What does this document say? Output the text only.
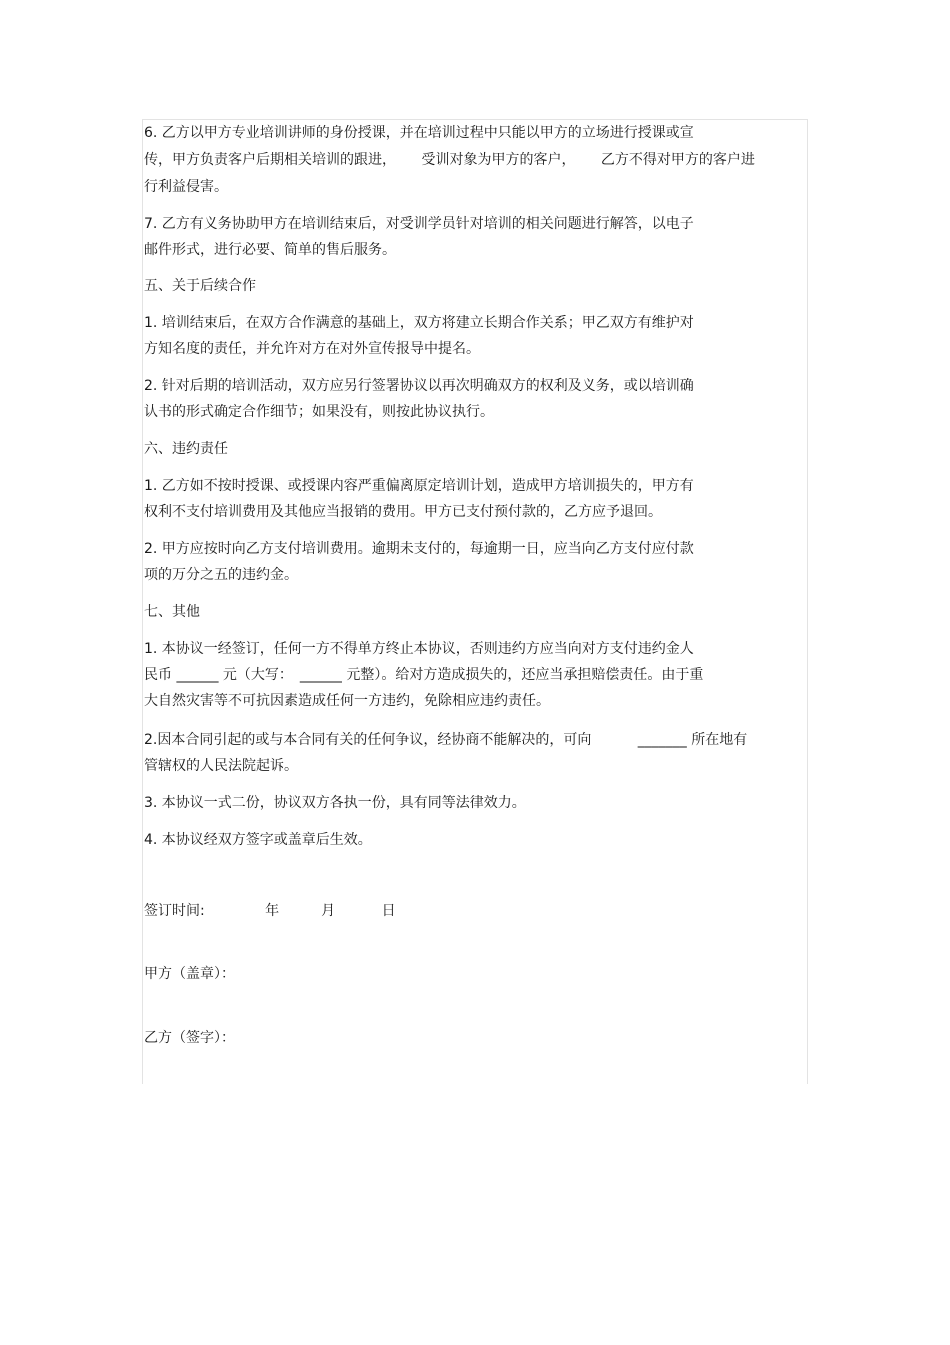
6. 乙方以甲方专业培训讲师的身份授课，并在培训过程中只能以甲方的立场进行授课或宣
传，甲方负责客户后期相关培训的跟进，　　 受训对象为甲方的客户，　　 乙方不得对甲方的客户进
行利益侵害。
7. 乙方有义务协助甲方在培训结束后，对受训学员针对培训的相关问题进行解答，以电子
邮件形式，进行必要、简单的售后服务。
五、关于后续合作
1. 培训结束后，在双方合作满意的基础上，双方将建立长期合作关系；甲乙双方有维护对
方知名度的责任，并允许对方在对外宣传报导中提名。
2. 针对后期的培训活动，双方应另行签署协议以再次明确双方的权利及义务，或以培训确
认书的形式确定合作细节；如果没有，则按此协议执行。
六、违约责任
1. 乙方如不按时授课、或授课内容严重偏离原定培训计划，造成甲方培训损失的，甲方有
权利不支付培训费用及其他应当报销的费用。甲方已支付预付款的，乙方应予退回。
2. 甲方应按时向乙方支付培训费用。逾期未支付的，每逾期一日，应当向乙方支付应付款
项的万分之五的违约金。
七、其他
1. 本协议一经签订，任何一方不得单方终止本协议，否则违约方应当向对方支付违约金人
民币 ______ 元（大写：　______ 元整）。给对方造成损失的，还应当承担赔偿责任。由于重
大自然灾害等不可抗因素造成任何一方违约，免除相应违约责任。
2.因本合同引起的或与本合同有关的任何争议，经协商不能解决的，可向　　　 _______ 所在地有
管辖权的人民法院起诉。
3. 本协议一式二份，协议双方各执一份，具有同等法律效力。
4. 本协议经双方签字或盖章后生效。
签订时间:　　　　 年　　　月　　　 日
甲方（盖章）：
乙方（签字）：
